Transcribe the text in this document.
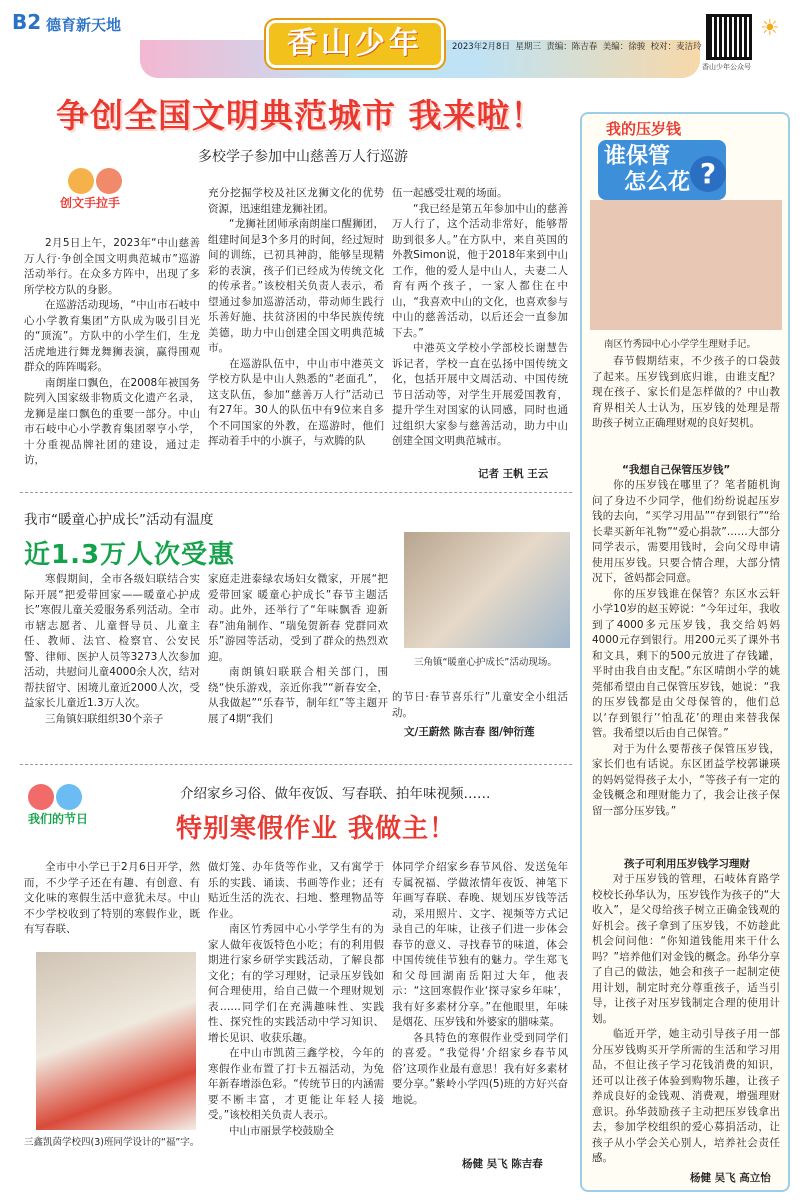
B2 德育新天地
香山少年	2023年2月8日 星期三 责编：陈吉春 美编：徐骏 校对：麦洁玲
香山少年公众号
☀
争创全国文明典范城市 我来啦！
多校学子参加中山慈善万人行巡游
创文手拉手

2月5日上午，2023年“中山慈善万人行·争创全国文明典范城市”巡游活动举行。在众多方阵中，出现了多所学校方队的身影。

在巡游活动现场，“中山市石岐中心小学教育集团”方队成为吸引目光的“顶流”。方队中的小学生们，生龙活虎地进行舞龙舞狮表演，赢得围观群众的阵阵喝彩。

南朗崖口飘色，在2008年被国务院列入国家级非物质文化遗产名录，龙狮是崖口飘色的重要一部分。中山市石岐中心小学教育集团翠亨小学，十分重视品牌社团的建设，通过走访，

充分挖掘学校及社区龙狮文化的优势资源，迅速组建龙狮社团。

“龙狮社团师承南朗崖口醒狮团，组建时间是3个多月的时间，经过短时间的训练，已初具神韵，能够呈现精彩的表演，孩子们已经成为传统文化的传承者。”该校相关负责人表示，希望通过参加巡游活动，带动师生践行乐善好施、扶贫济困的中华民族传统美德，助力中山创建全国文明典范城市。

在巡游队伍中，中山市中港英文学校方队是中山人熟悉的“老面孔”，这支队伍，参加“慈善万人行”活动已有27年。30人的队伍中有9位来自多个不同国家的外教，在巡游时，他们挥动着手中的小旗子，与欢腾的队

伍一起感受壮观的场面。

“我已经是第五年参加中山的慈善万人行了，这个活动非常好，能够帮助到很多人。”在方队中，来自英国的外教Simon说，他于2018年来到中山工作，他的爱人是中山人，夫妻二人育有两个孩子，一家人都住在中山，“我喜欢中山的文化，也喜欢参与中山的慈善活动，以后还会一直参加下去。”

中港英文学校小学部校长谢慧告诉记者，学校一直在弘扬中国传统文化，包括开展中文周活动、中国传统节日活动等，对学生开展爱国教育，提升学生对国家的认同感，同时也通过组织大家参与慈善活动，助力中山创建全国文明典范城市。

记者 王帆 王云
我市“暖童心护成长”活动有温度
近1.3万人次受惠

寒假期间，全市各级妇联结合实际开展“把爱带回家——暖童心护成长”寒假儿童关爱服务系列活动。全市市辖志愿者、儿童督导员、儿童主任、教师、法官、检察官、公安民警、律师、医护人员等3273人次参加活动，共慰问儿童4000余人次，结对帮扶留守、困境儿童近2000人次，受益家长儿童近1.3万人次。

三角镇妇联组织30个亲子

家庭走进泰绿农场妇女微家，开展“把爱带回家 暖童心护成长”春节主题活动。此外，还举行了“年味飘香 迎新春”油角制作、“瑞兔贺新春 党群同欢乐”游园等活动，受到了群众的热烈欢迎。

南朗镇妇联联合相关部门，围绕“快乐游戏，亲近你我”“新春安全，从我做起”“乐春节，制年红”等主题开展了4期“我们

三角镇“暖童心护成长”活动现场。

的节日·春节喜乐行”儿童安全小组活动。

文/王蔚然 陈吉春 图/钟衍莲
介绍家乡习俗、做年夜饭、写春联、拍年味视频……
特别寒假作业 我做主！
我们的节日

全市中小学已于2月6日开学，然而，不少学子还在有趣、有创意、有文化味的寒假生活中意犹未尽。中山不少学校收到了特别的寒假作业，既有写春联、

三鑫凯茵学校四(3)班同学设计的“福”字。

做灯笼、办年货等作业，又有寓学于乐的实践、诵读、书画等作业；还有贴近生活的洗衣、扫地、整理物品等作业。

南区竹秀园中心小学学生有的为家人做年夜饭特色小吃；有的利用假期进行家乡研学实践活动，了解良都文化；有的学习理财，记录压岁钱如何合理使用，给自己做一个理财规划表……同学们在充满趣味性、实践性、探究性的实践活动中学习知识、增长见识、收获乐趣。

在中山市凯茵三鑫学校，今年的寒假作业布置了打卡五福活动，为兔年新春增添色彩。“传统节日的内涵需要不断丰富，才更能让年轻人接受。”该校相关负责人表示。

中山市丽景学校鼓励全

体同学介绍家乡春节风俗、发送兔年专属祝福、学做浓情年夜饭、神笔下年画写春联、春晚、规划压岁钱等活动，采用照片、文字、视频等方式记录自己的年味，让孩子们进一步体会春节的意义、寻找春节的味道，体会中国传统佳节独有的魅力。学生郑飞和父母回湖南岳阳过大年，他表示：“这回寒假作业‘探寻家乡年味’，我有好多素材分享。”在他眼里，年味是烟花、压岁钱和外婆家的腊味菜。

各具特色的寒假作业受到同学们的喜爱。“我觉得‘介绍家乡春节风俗’这项作业最有意思！我有好多素材要分享。”紫岭小学四(5)班的方好兴奋地说。

杨健 吴飞 陈吉春
我的压岁钱
谁保管
怎么花 ?
南区竹秀园中心小学学生理财手记。

春节假期结束，不少孩子的口袋鼓了起来。压岁钱到底归谁，由谁支配？现在孩子、家长们是怎样做的？中山教育界相关人士认为，压岁钱的处理是帮助孩子树立正确理财观的良好契机。

“我想自己保管压岁钱”

你的压岁钱在哪里了？笔者随机询问了身边不少同学，他们纷纷说起压岁钱的去向，“买学习用品”“存到银行”“给长辈买新年礼物”“爱心捐款”……大部分同学表示，需要用钱时，会向父母申请使用压岁钱。只要合情合理，大部分情况下，爸妈都会同意。

你的压岁钱谁在保管？东区水云轩小学10岁的赵玉婷说：“今年过年，我收到了4000多元压岁钱，我交给妈妈4000元存到银行。用200元买了课外书和文具，剩下的500元放进了存钱罐，平时由我自由支配。”东区晴朗小学的姚莞郁希望由自己保管压岁钱，她说：“我的压岁钱都是由父母保管的，他们总以‘存到银行’‘怕乱花’的理由来替我保管。我希望以后由自己保管。”

对于为什么要帮孩子保管压岁钱，家长们也有话说。东区团益学校郭谦瑛的妈妈觉得孩子太小，“等孩子有一定的金钱概念和理财能力了，我会让孩子保留一部分压岁钱。”

孩子可利用压岁钱学习理财

对于压岁钱的管理，石岐体育路学校校长孙华认为，压岁钱作为孩子的“大收入”，是父母给孩子树立正确金钱观的好机会。孩子拿到了压岁钱，不妨趁此机会问问他：“你知道钱能用来干什么吗？”培养他们对金钱的概念。孙华分享了自己的做法，她会和孩子一起制定使用计划，制定时充分尊重孩子，适当引导，让孩子对压岁钱制定合理的使用计划。

临近开学，她主动引导孩子用一部分压岁钱购买开学所需的生活和学习用品，不但让孩子学习花钱消费的知识，还可以让孩子体验到购物乐趣，让孩子养成良好的金钱观、消费观，增强理财意识。孙华鼓励孩子主动把压岁钱拿出去，参加学校组织的爱心募捐活动，让孩子从小学会关心别人，培养社会责任感。

杨健 吴飞 高立怡
